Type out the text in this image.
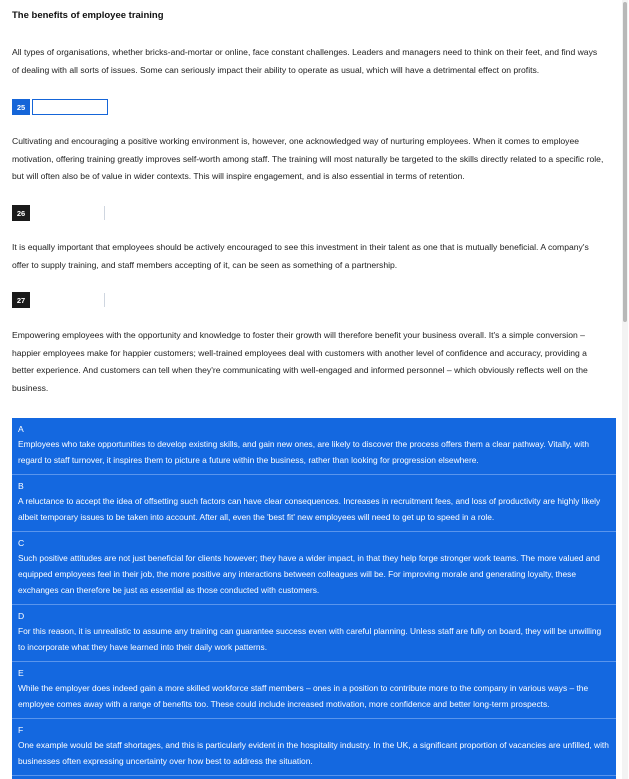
The benefits of employee training

All types of organisations, whether bricks-and-mortar or online, face constant challenges. Leaders and managers need to think on their feet, and find ways of dealing with all sorts of issues. Some can seriously impact their ability to operate as usual, which will have a detrimental effect on profits.

25

Cultivating and encouraging a positive working environment is, however, one acknowledged way of nurturing employees. When it comes to employee motivation, offering training greatly improves self-worth among staff. The training will most naturally be targeted to the skills directly related to a specific role, but will often also be of value in wider contexts. This will inspire engagement, and is also essential in terms of retention.

26

It is equally important that employees should be actively encouraged to see this investment in their talent as one that is mutually beneficial. A company's offer to supply training, and staff members accepting of it, can be seen as something of a partnership.

27

Empowering employees with the opportunity and knowledge to foster their growth will therefore benefit your business overall. It's a simple conversion – happier employees make for happier customers; well-trained employees deal with customers with another level of confidence and accuracy, providing a better experience. And customers can tell when they're communicating with well-engaged and informed personnel – which obviously reflects well on the business.

A
Employees who take opportunities to develop existing skills, and gain new ones, are likely to discover the process offers them a clear pathway. Vitally, with regard to staff turnover, it inspires them to picture a future within the business, rather than looking for progression elsewhere.
B
A reluctance to accept the idea of offsetting such factors can have clear consequences. Increases in recruitment fees, and loss of productivity are highly likely albeit temporary issues to be taken into account. After all, even the 'best fit' new employees will need to get up to speed in a role.
C
Such positive attitudes are not just beneficial for clients however; they have a wider impact, in that they help forge stronger work teams. The more valued and equipped employees feel in their job, the more positive any interactions between colleagues will be. For improving morale and generating loyalty, these exchanges can therefore be just as essential as those conducted with customers.
D
For this reason, it is unrealistic to assume any training can guarantee success even with careful planning. Unless staff are fully on board, they will be unwilling to incorporate what they have learned into their daily work patterns.
E
While the employer does indeed gain a more skilled workforce staff members – ones in a position to contribute more to the company in various ways – the employee comes away with a range of benefits too. These could include increased motivation, more confidence and better long-term prospects.
F
One example would be staff shortages, and this is particularly evident in the hospitality industry. In the UK, a significant proportion of vacancies are unfilled, with businesses often expressing uncertainty over how best to address the situation.
